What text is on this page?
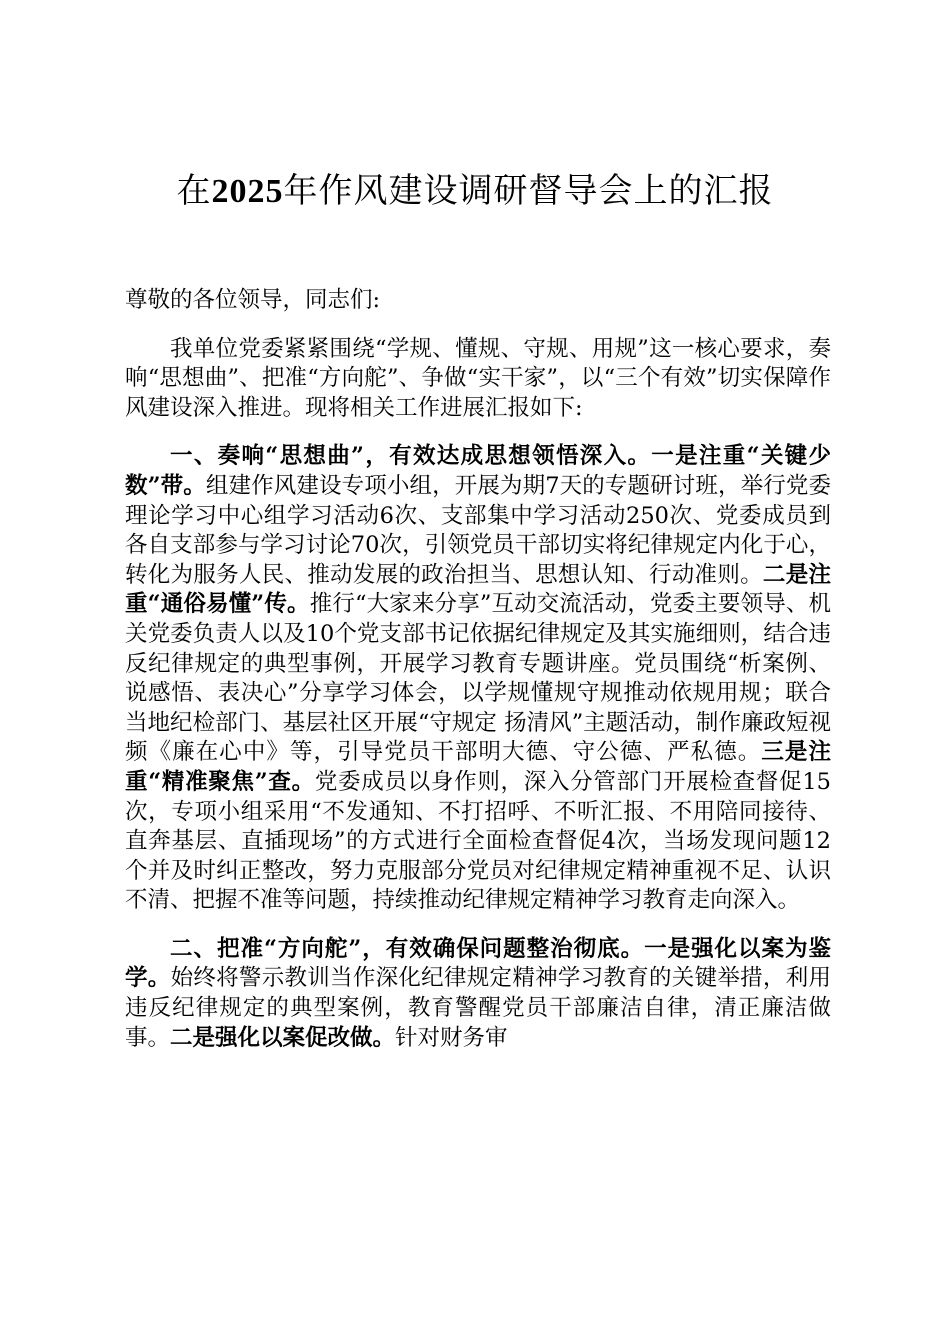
在2025年作风建设调研督导会上的汇报

尊敬的各位领导，同志们:

我单位党委紧紧围绕“学规、懂规、守规、用规”这一核心要求，奏响“思想曲”、把准“方向舵”、争做“实干家”，以“三个有效”切实保障作风建设深入推进。现将相关工作进展汇报如下:

一、奏响“思想曲”，有效达成思想领悟深入。一是注重“关键少数”带。组建作风建设专项小组，开展为期7天的专题研讨班，举行党委理论学习中心组学习活动6次、支部集中学习活动250次、党委成员到各自支部参与学习讨论70次，引领党员干部切实将纪律规定内化于心，转化为服务人民、推动发展的政治担当、思想认知、行动准则。二是注重“通俗易懂”传。推行“大家来分享”互动交流活动，党委主要领导、机关党委负责人以及10个党支部书记依据纪律规定及其实施细则，结合违反纪律规定的典型事例，开展学习教育专题讲座。党员围绕“析案例、说感悟、表决心”分享学习体会，以学规懂规守规推动依规用规；联合当地纪检部门、基层社区开展“守规定 扬清风”主题活动，制作廉政短视频《廉在心中》等，引导党员干部明大德、守公德、严私德。三是注重“精准聚焦”查。党委成员以身作则，深入分管部门开展检查督促15次，专项小组采用“不发通知、不打招呼、不听汇报、不用陪同接待、直奔基层、直插现场”的方式进行全面检查督促4次，当场发现问题12个并及时纠正整改，努力克服部分党员对纪律规定精神重视不足、认识不清、把握不准等问题，持续推动纪律规定精神学习教育走向深入。

二、把准“方向舵”，有效确保问题整治彻底。一是强化以案为鉴学。始终将警示教训当作深化纪律规定精神学习教育的关键举措，利用违反纪律规定的典型案例，教育警醒党员干部廉洁自律，清正廉洁做事。二是强化以案促改做。针对财务审
